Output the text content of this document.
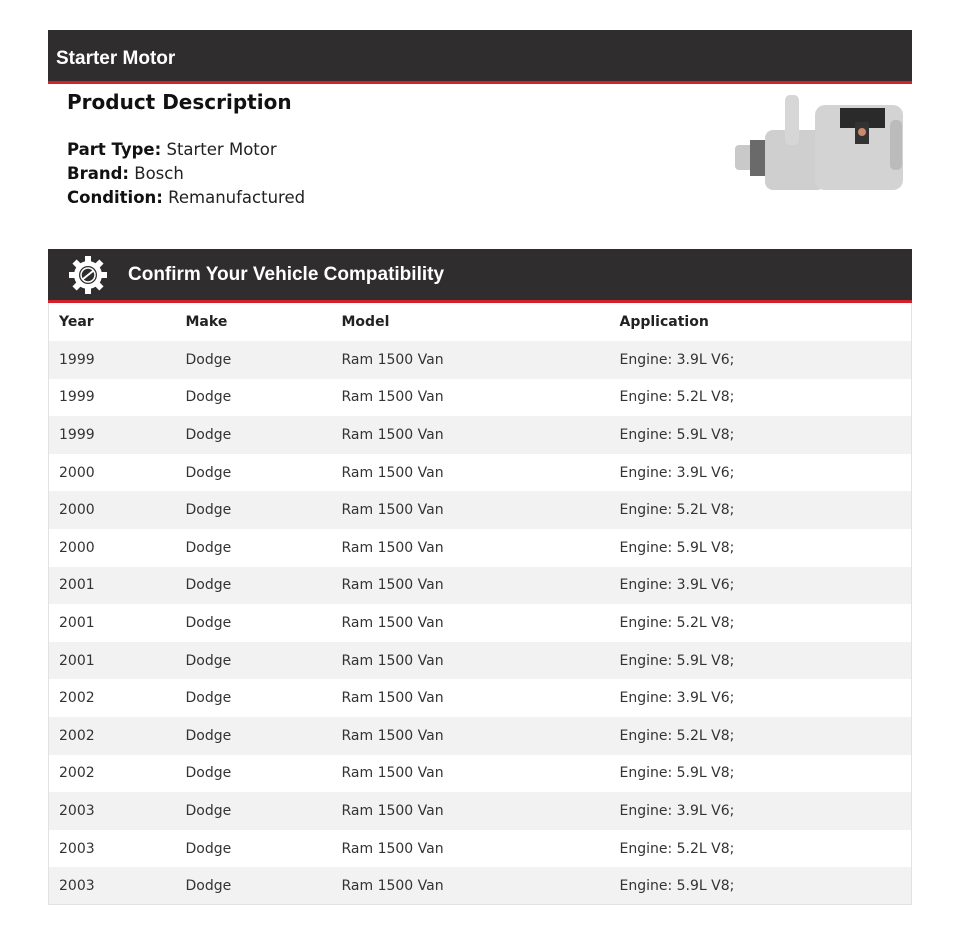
Starter Motor
Product Description
Part Type: Starter Motor
Brand: Bosch
Condition: Remanufactured
Confirm Your Vehicle Compatibility
Year	Make	Model	Application
1999	Dodge	Ram 1500 Van	Engine: 3.9L V6;
1999	Dodge	Ram 1500 Van	Engine: 5.2L V8;
1999	Dodge	Ram 1500 Van	Engine: 5.9L V8;
2000	Dodge	Ram 1500 Van	Engine: 3.9L V6;
2000	Dodge	Ram 1500 Van	Engine: 5.2L V8;
2000	Dodge	Ram 1500 Van	Engine: 5.9L V8;
2001	Dodge	Ram 1500 Van	Engine: 3.9L V6;
2001	Dodge	Ram 1500 Van	Engine: 5.2L V8;
2001	Dodge	Ram 1500 Van	Engine: 5.9L V8;
2002	Dodge	Ram 1500 Van	Engine: 3.9L V6;
2002	Dodge	Ram 1500 Van	Engine: 5.2L V8;
2002	Dodge	Ram 1500 Van	Engine: 5.9L V8;
2003	Dodge	Ram 1500 Van	Engine: 3.9L V6;
2003	Dodge	Ram 1500 Van	Engine: 5.2L V8;
2003	Dodge	Ram 1500 Van	Engine: 5.9L V8;
